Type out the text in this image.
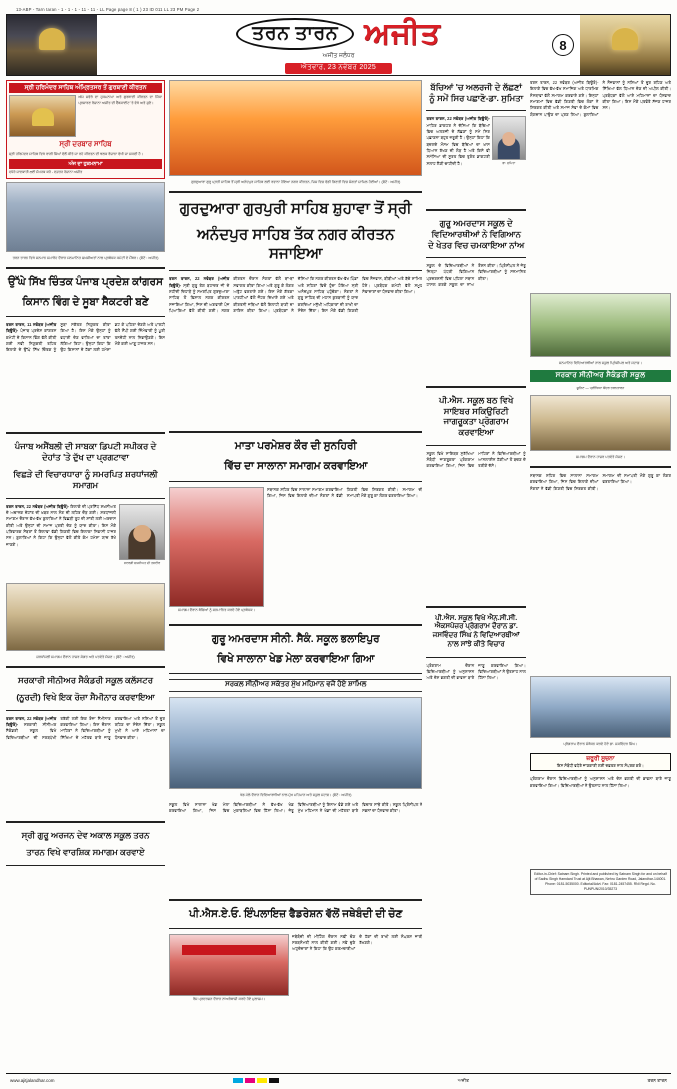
13-ABP - Tarn taran - 1 - 1 - 1 - 11 - 11 - LL Page page 8 ( 1 ) 23 ID 011 LL 23 PM Page 2
ਤਰਨ ਤਾਰਨ ਅਜੀਤ
ਅਜੀਤ ਜਲੰਧਰ
ਐਤਵਾਰ, 23 ਨਵੰਬਰ 2025
8
ਸ੍ਰੀ ਹਰਿਮੰਦਰ ਸਾਹਿਬ ਅੰਮ੍ਰਿਤਸਰ ਤੋਂ ਗੁਰਬਾਣੀ ਕੀਰਤਨ
ਅੱਜ ਸਵੇਰੇ ਦਾ ਹੁਕਮਨਾਮਾ ਅਤੇ ਗੁਰਬਾਣੀ ਕੀਰਤਨ ਦਾ ਸਿੱਧਾ ਪ੍ਰਸਾਰਣ ਰੋਜ਼ਾਨਾ ਅਜੀਤ ਦੀ ਵੈੱਬਸਾਈਟ 'ਤੇ ਵੇਖੋ ਅਤੇ ਸੁਣੋ।
ਸ੍ਰੀ ਦਰਬਾਰ ਸਾਹਿਬ
ਸ੍ਰੀ ਹਰਿਮੰਦਰ ਸਾਹਿਬ ਵਿਖੇ ਰਾਗੀ ਸਿੰਘਾਂ ਵੱਲੋਂ ਕੀਤੇ ਜਾ ਰਹੇ ਕੀਰਤਨ ਦੀ ਝਲਕ ਰੋਜ਼ਾਨਾ ਵੇਖੀ ਜਾ ਸਕਦੀ ਹੈ।
ਅੱਜ ਦਾ ਹੁਕਮਨਾਮਾ
ਵਧੇਰੇ ਜਾਣਕਾਰੀ ਲਈ ਸੰਪਰਕ ਕਰੋ - ਦਫ਼ਤਰ ਰੋਜ਼ਾਨਾ ਅਜੀਤ
ਤਰਨ ਤਾਰਨ ਵਿਖੇ ਸਨਮਾਨ ਸਮਾਰੋਹ ਦੌਰਾਨ ਸਨਮਾਨਿਤ ਸ਼ਖ਼ਸੀਅਤਾਂ ਨਾਲ ਪ੍ਰਬੰਧਕ ਕਮੇਟੀ ਦੇ ਮੈਂਬਰ। (ਫੋਟੋ : ਅਜੀਤ)
ਉੱਘੇ ਸਿੱਖ ਚਿੰਤਕ ਪੰਜਾਬ ਪ੍ਰਦੇਸ਼ ਕਾਂਗਰਸ
ਕਿਸਾਨ ਵਿੰਗ ਦੇ ਸੂਬਾ ਸੈਕਟਰੀ ਬਣੇ
ਤਰਨ ਤਾਰਨ, 11 ਨਵੰਬਰ (ਅਜੀਤ ਬਿਊਰੋ)- ਪੰਜਾਬ ਪ੍ਰਦੇਸ਼ ਕਾਂਗਰਸ ਕਮੇਟੀ ਦੇ ਕਿਸਾਨ ਵਿੰਗ ਵੱਲੋਂ ਕੀਤੀ ਗਈ ਨਵੀਂ ਨਿਯੁਕਤੀ ਤਹਿਤ ਇਲਾਕੇ ਦੇ ਉੱਘੇ ਸਿੱਖ ਚਿੰਤਕ ਨੂੰ ਸੂਬਾ ਸਕੱਤਰ ਨਿਯੁਕਤ ਕੀਤਾ ਗਿਆ ਹੈ। ਇਸ ਮੌਕੇ ਉਨ੍ਹਾਂ ਨੂੰ ਵਧਾਈ ਦੇਣ ਵਾਲਿਆਂ ਦਾ ਤਾਂਤਾ ਲੱਗਿਆ ਰਿਹਾ। ਉਨ੍ਹਾਂ ਕਿਹਾ ਕਿ ਉਹ ਕਿਸਾਨਾਂ ਦੇ ਹੱਕਾਂ ਲਈ ਹਮੇਸ਼ਾ ਡਟ ਕੇ ਪਹਿਰਾ ਦੇਣਗੇ ਅਤੇ ਪਾਰਟੀ ਵੱਲੋਂ ਸੌਂਪੀ ਗਈ ਜ਼ਿੰਮੇਵਾਰੀ ਨੂੰ ਪੂਰੀ ਤਨਦੇਹੀ ਨਾਲ ਨਿਭਾਉਣਗੇ। ਇਸ ਮੌਕੇ ਕਈ ਆਗੂ ਹਾਜ਼ਰ ਸਨ।
ਪੰਜਾਬ ਅਸੈਂਬਲੀ ਦੀ ਸਾਬਕਾ ਡਿਪਟੀ ਸਪੀਕਰ ਦੇ ਦੇਹਾਂਤ 'ਤੇ ਦੁੱਖ ਦਾ ਪ੍ਰਗਟਾਵਾ
ਵਿਛੜੇ ਦੀ ਵਿਚਾਰਧਾਰਾ ਨੂੰ ਸਮਰਪਿਤ ਸ਼ਰਧਾਂਜਲੀ ਸਮਾਗਮ
ਤਰਨ ਤਾਰਨ, 22 ਨਵੰਬਰ (ਅਜੀਤ ਬਿਊਰੋ)- ਇਲਾਕੇ ਦੀ ਪ੍ਰਸਿੱਧ ਸ਼ਖ਼ਸੀਅਤ ਦੇ ਅਚਾਨਕ ਦੇਹਾਂਤ ਦੀ ਖ਼ਬਰ ਨਾਲ ਸੋਗ ਦੀ ਲਹਿਰ ਦੌੜ ਗਈ। ਸ਼ਰਧਾਂਜਲੀ ਸਮਾਗਮ ਦੌਰਾਨ ਵੱਖ-ਵੱਖ ਬੁਲਾਰਿਆਂ ਨੇ ਵਿਛੜੀ ਰੂਹ ਦੀ ਸ਼ਾਂਤੀ ਲਈ ਅਰਦਾਸ ਕੀਤੀ ਅਤੇ ਉਨ੍ਹਾਂ ਦੀ ਸਮਾਜ ਪ੍ਰਤੀ ਦੇਣ ਨੂੰ ਯਾਦ ਕੀਤਾ। ਇਸ ਮੌਕੇ ਪਰਿਵਾਰਕ ਮੈਂਬਰਾਂ ਤੋਂ ਇਲਾਵਾ ਵੱਡੀ ਗਿਣਤੀ ਵਿਚ ਇਲਾਕਾ ਨਿਵਾਸੀ ਹਾਜ਼ਰ ਸਨ। ਬੁਲਾਰਿਆਂ ਨੇ ਕਿਹਾ ਕਿ ਉਨ੍ਹਾਂ ਵੱਲੋਂ ਕੀਤੇ ਕੰਮ ਹਮੇਸ਼ਾ ਯਾਦ ਰੱਖੇ ਜਾਣਗੇ।
ਸਵਰਗੀ ਸ਼ਖ਼ਸੀਅਤ ਦੀ ਤਸਵੀਰ
ਸ਼ਰਧਾਂਜਲੀ ਸਮਾਗਮ ਦੌਰਾਨ ਹਾਜ਼ਰ ਸੰਗਤ ਅਤੇ ਪਤਵੰਤੇ ਸੱਜਣ। (ਫੋਟੋ : ਅਜੀਤ)
ਸਰਕਾਰੀ ਸੀਨੀਅਰ ਸੈਕੰਡਰੀ ਸਕੂਲ ਕਲੱਸਟਰ
(ਨੂਰਦੀ) ਵਿਖੇ ਇਕ ਰੋਜ਼ਾ ਸੈਮੀਨਾਰ ਕਰਵਾਇਆ
ਤਰਨ ਤਾਰਨ, 22 ਨਵੰਬਰ (ਅਜੀਤ ਬਿਊਰੋ)- ਸਰਕਾਰੀ ਸੀਨੀਅਰ ਸੈਕੰਡਰੀ ਸਕੂਲ ਵਿਖੇ ਵਿਦਿਆਰਥੀਆਂ ਦੀ ਸਰਬਪੱਖੀ ਤਰੱਕੀ ਲਈ ਇਕ ਰੋਜ਼ਾ ਸੈਮੀਨਾਰ ਕਰਵਾਇਆ ਗਿਆ। ਇਸ ਦੌਰਾਨ ਮਾਹਿਰਾਂ ਨੇ ਵਿਦਿਆਰਥੀਆਂ ਨੂੰ ਸਿੱਖਿਆ ਦੇ ਮਹੱਤਵ ਬਾਰੇ ਜਾਣੂ ਕਰਵਾਇਆ ਅਤੇ ਨਸ਼ਿਆਂ ਤੋਂ ਦੂਰ ਰਹਿਣ ਦਾ ਸੰਦੇਸ਼ ਦਿੱਤਾ। ਸਕੂਲ ਮੁਖੀ ਨੇ ਆਏ ਮਹਿਮਾਨਾਂ ਦਾ ਧੰਨਵਾਦ ਕੀਤਾ।
ਸ੍ਰੀ ਗੁਰੂ ਅਰਜਨ ਦੇਵ ਅਕਾਲ ਸਕੂਲ ਤਰਨ
ਤਾਰਨ ਵਿਖੇ ਵਾਰਸ਼ਿਕ ਸਮਾਗਮ ਕਰਵਾਏ
ਗੁਰਦੁਆਰਾ ਗੁਰੂ ਪ੍ਰਤੀ ਸਾਹਿਬ ਤੋਂ ਸ੍ਰੀ ਅਨੰਦਪੁਰ ਸਾਹਿਬ ਲਈ ਰਵਾਨਾ ਹੋਇਆ ਨਗਰ ਕੀਰਤਨ, ਜਿਸ ਵਿਚ ਵੱਡੀ ਗਿਣਤੀ ਵਿਚ ਸੰਗਤਾਂ ਸ਼ਾਮਿਲ ਹੋਈਆਂ। (ਫੋਟੋ : ਅਜੀਤ)
ਗੁਰਦੁਆਰਾ ਗੁਰਪੁਰੀ ਸਾਹਿਬ ਸ਼ੁਹਾਵਾ ਤੋਂ ਸ੍ਰੀ
ਅਨੰਦਪੁਰ ਸਾਹਿਬ ਤੱਕ ਨਗਰ ਕੀਰਤਨ ਸਜਾਇਆ
ਤਰਨ ਤਾਰਨ, 22 ਨਵੰਬਰ (ਅਜੀਤ ਬਿਊਰੋ)- ਸ੍ਰੀ ਗੁਰੂ ਤੇਗ ਬਹਾਦਰ ਜੀ ਦੇ ਸ਼ਹੀਦੀ ਦਿਹਾੜੇ ਨੂੰ ਸਮਰਪਿਤ ਗੁਰਦੁਆਰਾ ਸਾਹਿਬ ਤੋਂ ਵਿਸ਼ਾਲ ਨਗਰ ਕੀਰਤਨ ਸਜਾਇਆ ਗਿਆ, ਜਿਸ ਦੀ ਅਗਵਾਈ ਪੰਜ ਪਿਆਰਿਆਂ ਵੱਲੋਂ ਕੀਤੀ ਗਈ। ਨਗਰ ਕੀਰਤਨ ਦੌਰਾਨ ਸੰਗਤਾਂ ਵੱਲੋਂ ਥਾਂ-ਥਾਂ ਸਵਾਗਤ ਕੀਤਾ ਗਿਆ ਅਤੇ ਗੁਰੂ ਕੇ ਲੰਗਰ ਅਤੁੱਟ ਵਰਤਾਏ ਗਏ। ਇਸ ਮੌਕੇ ਗੱਤਕਾ ਪਾਰਟੀਆਂ ਵੱਲੋਂ ਜੌਹਰ ਦਿਖਾਏ ਗਏ ਅਤੇ ਕੀਰਤਨੀ ਜਥਿਆਂ ਵੱਲੋਂ ਇਲਾਹੀ ਬਾਣੀ ਦਾ ਗਾਇਨ ਕੀਤਾ ਗਿਆ। ਪ੍ਰਬੰਧਕਾਂ ਨੇ ਦੱਸਿਆ ਕਿ ਨਗਰ ਕੀਰਤਨ ਵੱਖ-ਵੱਖ ਪਿੰਡਾਂ ਅਤੇ ਸ਼ਹਿਰਾਂ ਵਿਚੋਂ ਹੁੰਦਾ ਹੋਇਆ ਸ੍ਰੀ ਅਨੰਦਪੁਰ ਸਾਹਿਬ ਪਹੁੰਚੇਗਾ। ਸੰਗਤਾਂ ਨੇ ਗੁਰੂ ਸਾਹਿਬ ਦੀ ਮਹਾਨ ਕੁਰਬਾਨੀ ਨੂੰ ਯਾਦ ਕਰਦਿਆਂ ਮਨੁੱਖੀ ਅਧਿਕਾਰਾਂ ਦੀ ਰਾਖੀ ਦਾ ਸੰਦੇਸ਼ ਦਿੱਤਾ। ਇਸ ਮੌਕੇ ਵੱਡੀ ਗਿਣਤੀ ਵਿਚ ਨੌਜਵਾਨ, ਬੀਬੀਆਂ ਅਤੇ ਬੱਚੇ ਸ਼ਾਮਿਲ ਹੋਏ। ਪ੍ਰਬੰਧਕ ਕਮੇਟੀ ਵੱਲੋਂ ਸਮੂਹ ਸੇਵਾਦਾਰਾਂ ਦਾ ਧੰਨਵਾਦ ਕੀਤਾ ਗਿਆ।
ਮਾਤਾ ਪਰਮੇਸ਼ਰ ਕੌਰ ਦੀ ਸੁਨਹਿਰੀ
ਵਿੱਚ ਦਾ ਸਾਲਾਨਾ ਸਮਾਗਮ ਕਰਵਾਇਆ
ਸਮਾਗਮ ਦੌਰਾਨ ਬੱਚਿਆਂ ਨੂੰ ਸਨਮਾਨਿਤ ਕਰਦੇ ਹੋਏ ਪ੍ਰਬੰਧਕ।
ਸਥਾਨਕ ਸ਼ਹਿਰ ਵਿਚ ਸਾਲਾਨਾ ਸਮਾਗਮ ਕਰਵਾਇਆ ਗਿਆ, ਜਿਸ ਵਿਚ ਇਲਾਕੇ ਦੀਆਂ ਸੰਗਤਾਂ ਨੇ ਵੱਡੀ ਗਿਣਤੀ ਵਿਚ ਸ਼ਿਰਕਤ ਕੀਤੀ। ਸਮਾਗਮ ਦੀ ਸਮਾਪਤੀ ਮੌਕੇ ਗੁਰੂ ਕਾ ਲੰਗਰ ਵਰਤਾਇਆ ਗਿਆ।
ਗੁਰੂ ਅਮਰਦਾਸ ਸੀਨੀ. ਸੈਕੰ. ਸਕੂਲ ਭਲਾਇਪੁਰ
ਵਿਖੇ ਸਾਲਾਨਾ ਖੇਡ ਮੇਲਾ ਕਰਵਾਇਆ ਗਿਆ
ਸਰਕਲ ਸੀਨੀਅਰ ਸਕੱਤਰ ਮੁੱਖ ਮਹਿਮਾਨ ਵਜੋਂ ਹੋਏ ਸ਼ਾਮਿਲ
ਖੇਡ ਮੇਲੇ ਦੌਰਾਨ ਵਿਦਿਆਰਥੀਆਂ ਨਾਲ ਮੁੱਖ ਮਹਿਮਾਨ ਅਤੇ ਸਕੂਲ ਸਟਾਫ਼। (ਫੋਟੋ : ਅਜੀਤ)
ਸਕੂਲ ਵਿਖੇ ਸਾਲਾਨਾ ਖੇਡ ਮੇਲਾ ਕਰਵਾਇਆ ਗਿਆ, ਜਿਸ ਵਿਚ ਵਿਦਿਆਰਥੀਆਂ ਨੇ ਵੱਖ-ਵੱਖ ਖੇਡ ਮੁਕਾਬਲਿਆਂ ਵਿਚ ਹਿੱਸਾ ਲਿਆ। ਜੇਤੂ ਵਿਦਿਆਰਥੀਆਂ ਨੂੰ ਇਨਾਮ ਵੰਡੇ ਗਏ ਅਤੇ ਮੁੱਖ ਮਹਿਮਾਨ ਨੇ ਖੇਡਾਂ ਦੀ ਮਹੱਤਤਾ ਬਾਰੇ ਵਿਚਾਰ ਸਾਂਝੇ ਕੀਤੇ। ਸਕੂਲ ਪ੍ਰਿੰਸੀਪਲ ਨੇ ਸਭਨਾਂ ਦਾ ਧੰਨਵਾਦ ਕੀਤਾ।
ਪੀ.ਐਸ.ਏ.ਓ. ਇੰਪਲਾਇਜ਼ ਫੈਡਰੇਸ਼ਨ ਵੱਲੋਂ ਜਥੇਬੰਦੀ ਦੀ ਚੋਣ
ਰੋਸ ਪ੍ਰਦਰਸ਼ਨ ਦੌਰਾਨ ਨਾਅਰੇਬਾਜ਼ੀ ਕਰਦੇ ਹੋਏ ਮੁਲਾਜ਼ਮ।
ਜਥੇਬੰਦੀ ਦੀ ਮੀਟਿੰਗ ਦੌਰਾਨ ਨਵੀਂ ਚੋਣ ਸਰਬਸੰਮਤੀ ਨਾਲ ਕੀਤੀ ਗਈ। ਨਵੇਂ ਚੁਣੇ ਅਹੁਦੇਦਾਰਾਂ ਨੇ ਕਿਹਾ ਕਿ ਉਹ ਕਰਮਚਾਰੀਆਂ ਦੇ ਹੱਕਾਂ ਦੀ ਰਾਖੀ ਲਈ ਸੰਘਰਸ਼ ਜਾਰੀ ਰੱਖਣਗੇ।
ਬੱਚਿਆਂ 'ਚ ਅਲਰਜੀ ਦੇ ਲੱਛਣਾਂ ਨੂੰ ਸਮੇਂ ਸਿਰ ਪਛਾਣੋ-ਡਾ. ਸੁਮਿਤਾ
ਤਰਨ ਤਾਰਨ, 22 ਨਵੰਬਰ (ਅਜੀਤ ਬਿਊਰੋ)- ਮਾਹਿਰ ਡਾਕਟਰ ਨੇ ਦੱਸਿਆ ਕਿ ਬੱਚਿਆਂ ਵਿਚ ਅਲਰਜੀ ਦੇ ਲੱਛਣਾਂ ਨੂੰ ਸਮੇਂ ਸਿਰ ਪਛਾਣਨਾ ਬਹੁਤ ਜ਼ਰੂਰੀ ਹੈ। ਉਨ੍ਹਾਂ ਕਿਹਾ ਕਿ ਬਦਲਦੇ ਮੌਸਮ ਵਿਚ ਬੱਚਿਆਂ ਦਾ ਖ਼ਾਸ ਧਿਆਨ ਰੱਖਣ ਦੀ ਲੋੜ ਹੈ ਅਤੇ ਕਿਸੇ ਵੀ ਸਮੱਸਿਆ ਦੀ ਸੂਰਤ ਵਿਚ ਤੁਰੰਤ ਡਾਕਟਰੀ ਸਲਾਹ ਲੈਣੀ ਚਾਹੀਦੀ ਹੈ।	ਡਾ. ਸੁਮਿਤਾ
ਗੁਰੂ ਅਮਰਦਾਸ ਸਕੂਲ ਦੇ ਵਿਦਿਆਰਥੀਆਂ ਨੇ ਵਿਗਿਆਨ ਦੇ ਖੇਤਰ ਵਿਚ ਚਮਕਾਇਆ ਨਾਂਅ
ਸਕੂਲ ਦੇ ਵਿਦਿਆਰਥੀਆਂ ਨੇ ਜ਼ਿਲ੍ਹਾ ਪੱਧਰੀ ਵਿਗਿਆਨ ਪ੍ਰਦਰਸ਼ਨੀ ਵਿਚ ਪਹਿਲਾ ਸਥਾਨ ਹਾਸਲ ਕਰਕੇ ਸਕੂਲ ਦਾ ਨਾਂਅ ਰੌਸ਼ਨ ਕੀਤਾ। ਪ੍ਰਿੰਸੀਪਲ ਨੇ ਜੇਤੂ ਵਿਦਿਆਰਥੀਆਂ ਨੂੰ ਸਨਮਾਨਿਤ ਕੀਤਾ।
ਪੀ.ਐਸ. ਸਕੂਲ ਬਠ ਵਿਖੇ ਸਾਇਬਰ ਸਕਿਉਰਿਟੀ ਜਾਗਰੂਕਤਾ ਪ੍ਰੋਗਰਾਮ ਕਰਵਾਇਆ
ਸਕੂਲ ਵਿਖੇ ਸਾਇਬਰ ਸੁਰੱਖਿਆ ਸੰਬੰਧੀ ਜਾਗਰੂਕਤਾ ਪ੍ਰੋਗਰਾਮ ਕਰਵਾਇਆ ਗਿਆ, ਜਿਸ ਵਿਚ ਮਾਹਿਰਾਂ ਨੇ ਵਿਦਿਆਰਥੀਆਂ ਨੂੰ ਆਨਲਾਈਨ ਠੱਗੀਆਂ ਤੋਂ ਬਚਣ ਦੇ ਤਰੀਕੇ ਦੱਸੇ।
ਪੀ.ਐਸ. ਸਕੂਲ ਵਿਖੇ ਐਨ.ਸੀ.ਸੀ. ਐਕਸਪੋਜ਼ਰ ਪ੍ਰੋਗਰਾਮ ਦੌਰਾਨ ਡਾ. ਜਸਵਿੰਦਰ ਸਿੰਘ ਨੇ ਵਿਦਿਆਰਥੀਆਂ ਨਾਲ ਸਾਂਝੇ ਕੀਤੇ ਵਿਚਾਰ
ਪ੍ਰੋਗਰਾਮ ਦੌਰਾਨ ਵਿਦਿਆਰਥੀਆਂ ਨੂੰ ਅਨੁਸ਼ਾਸਨ ਅਤੇ ਦੇਸ਼ ਭਗਤੀ ਦੀ ਭਾਵਨਾ ਬਾਰੇ ਜਾਣੂ ਕਰਵਾਇਆ ਗਿਆ। ਵਿਦਿਆਰਥੀਆਂ ਨੇ ਉਤਸ਼ਾਹ ਨਾਲ ਹਿੱਸਾ ਲਿਆ।
ਤਰਨ ਤਾਰਨ, 22 ਨਵੰਬਰ (ਅਜੀਤ ਬਿਊਰੋ)- ਇਲਾਕੇ ਵਿਚ ਵੱਖ-ਵੱਖ ਸਮਾਜਿਕ ਅਤੇ ਧਾਰਮਿਕ ਸੰਸਥਾਵਾਂ ਵੱਲੋਂ ਸਮਾਗਮ ਕਰਵਾਏ ਗਏ। ਇਨ੍ਹਾਂ ਸਮਾਗਮਾਂ ਵਿਚ ਵੱਡੀ ਗਿਣਤੀ ਵਿਚ ਲੋਕਾਂ ਨੇ ਸ਼ਿਰਕਤ ਕੀਤੀ ਅਤੇ ਸਮਾਜ ਸੇਵਾ ਦੇ ਕੰਮਾਂ ਵਿਚ ਯੋਗਦਾਨ ਪਾਉਣ ਦਾ ਪ੍ਰਣ ਲਿਆ। ਬੁਲਾਰਿਆਂ ਨੇ ਨੌਜਵਾਨਾਂ ਨੂੰ ਨਸ਼ਿਆਂ ਤੋਂ ਦੂਰ ਰਹਿਣ ਅਤੇ ਸਿੱਖਿਆ ਵੱਲ ਧਿਆਨ ਦੇਣ ਦੀ ਅਪੀਲ ਕੀਤੀ। ਪ੍ਰਬੰਧਕਾਂ ਵੱਲੋਂ ਆਏ ਮਹਿਮਾਨਾਂ ਦਾ ਧੰਨਵਾਦ ਕੀਤਾ ਗਿਆ। ਇਸ ਮੌਕੇ ਪਤਵੰਤੇ ਸੱਜਣ ਹਾਜ਼ਰ ਸਨ।
ਸਨਮਾਨਿਤ ਵਿਦਿਆਰਥੀਆਂ ਨਾਲ ਸਕੂਲ ਪ੍ਰਿੰਸੀਪਲ ਅਤੇ ਸਟਾਫ਼।
ਸਰਕਾਰ ਸੀਨੀਅਰ ਸੈਕੰਡਰੀ ਸਕੂਲ
ਯੂਨਿਟ — ਪ੍ਰੀਖਿਆ ਕੇਂਦਰ ਤਰਨਤਾਰਨ
ਸਮਾਗਮ ਦੌਰਾਨ ਹਾਜ਼ਰ ਪਤਵੰਤੇ ਸੱਜਣ।
ਸਥਾਨਕ ਸ਼ਹਿਰ ਵਿਚ ਸਾਲਾਨਾ ਸਮਾਗਮ ਕਰਵਾਇਆ ਗਿਆ, ਜਿਸ ਵਿਚ ਇਲਾਕੇ ਦੀਆਂ ਸੰਗਤਾਂ ਨੇ ਵੱਡੀ ਗਿਣਤੀ ਵਿਚ ਸ਼ਿਰਕਤ ਕੀਤੀ। ਸਮਾਗਮ ਦੀ ਸਮਾਪਤੀ ਮੌਕੇ ਗੁਰੂ ਕਾ ਲੰਗਰ ਵਰਤਾਇਆ ਗਿਆ।
ਪ੍ਰੋਗਰਾਮ ਦੌਰਾਨ ਸੰਬੋਧਨ ਕਰਦੇ ਹੋਏ ਡਾ. ਜਸਵਿੰਦਰ ਸਿੰਘ।
ਜ਼ਰੂਰੀ ਸੂਚਨਾ
ਇਸ ਸੰਬੰਧੀ ਵਧੇਰੇ ਜਾਣਕਾਰੀ ਲਈ ਦਫ਼ਤਰ ਨਾਲ ਸੰਪਰਕ ਕਰੋ।
ਪ੍ਰੋਗਰਾਮ ਦੌਰਾਨ ਵਿਦਿਆਰਥੀਆਂ ਨੂੰ ਅਨੁਸ਼ਾਸਨ ਅਤੇ ਦੇਸ਼ ਭਗਤੀ ਦੀ ਭਾਵਨਾ ਬਾਰੇ ਜਾਣੂ ਕਰਵਾਇਆ ਗਿਆ। ਵਿਦਿਆਰਥੀਆਂ ਨੇ ਉਤਸ਼ਾਹ ਨਾਲ ਹਿੱਸਾ ਲਿਆ।
Editor-in-Chief: Satnam Singh. Printed and published by Satnam Singh for and on behalf of Sadhu Singh Hamdard Trust at Ajit Bhawan, Nehru Garden Road, Jalandhar-144001. Phone: 0181-5035000. Editorial/Advt. Fax: 0181-2457455. RNI Regd. No. PUNPUN/2010/35273
www.ajitjalandhar.com	ਅਜੀਤ	ਤਰਨ ਤਾਰਨ
